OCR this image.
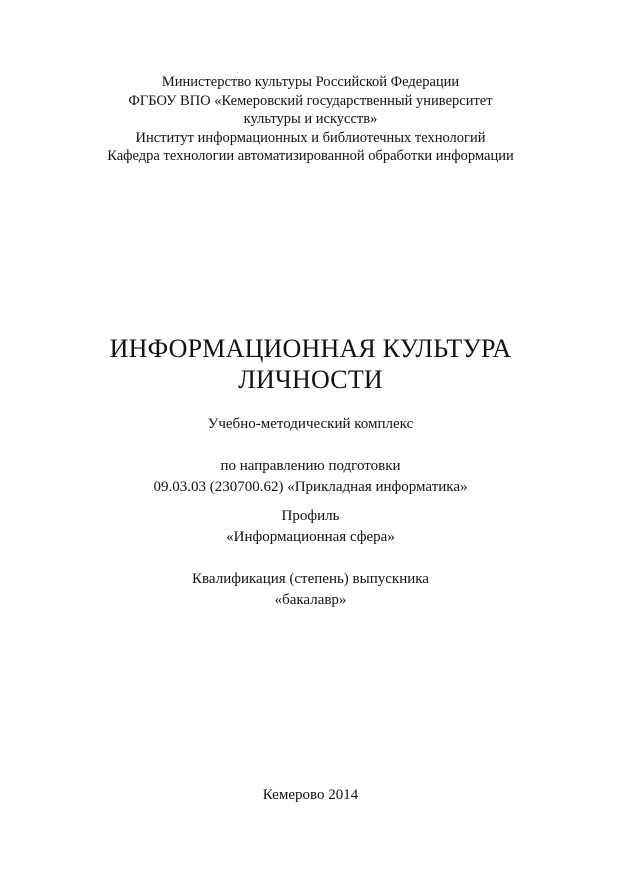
Министерство культуры Российской Федерации
ФГБОУ ВПО «Кемеровский государственный университет
культуры и искусств»
Институт информационных и библиотечных технологий
Кафедра технологии автоматизированной обработки информации
ИНФОРМАЦИОННАЯ КУЛЬТУРА
ЛИЧНОСТИ
Учебно-методический комплекс
по направлению подготовки
09.03.03 (230700.62) «Прикладная информатика»
Профиль
«Информационная сфера»
Квалификация (степень) выпускника
«бакалавр»
Кемерово 2014
